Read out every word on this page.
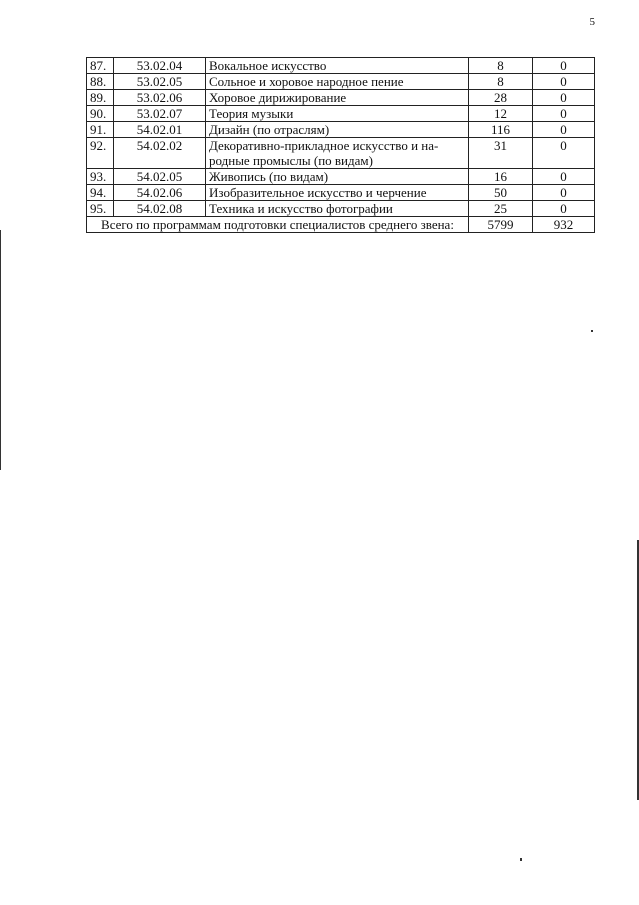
5
87.	53.02.04	Вокальное искусство	8	0
88.	53.02.05	Сольное и хоровое народное пение	8	0
89.	53.02.06	Хоровое дирижирование	28	0
90.	53.02.07	Теория музыки	12	0
91.	54.02.01	Дизайн (по отраслям)	116	0
92.	54.02.02	Декоративно-прикладное искусство и на-родные промыслы (по видам)	31	0
93.	54.02.05	Живопись (по видам)	16	0
94.	54.02.06	Изобразительное искусство и черчение	50	0
95.	54.02.08	Техника и искусство фотографии	25	0
Всего по программам подготовки специалистов среднего звена:			5799	932
